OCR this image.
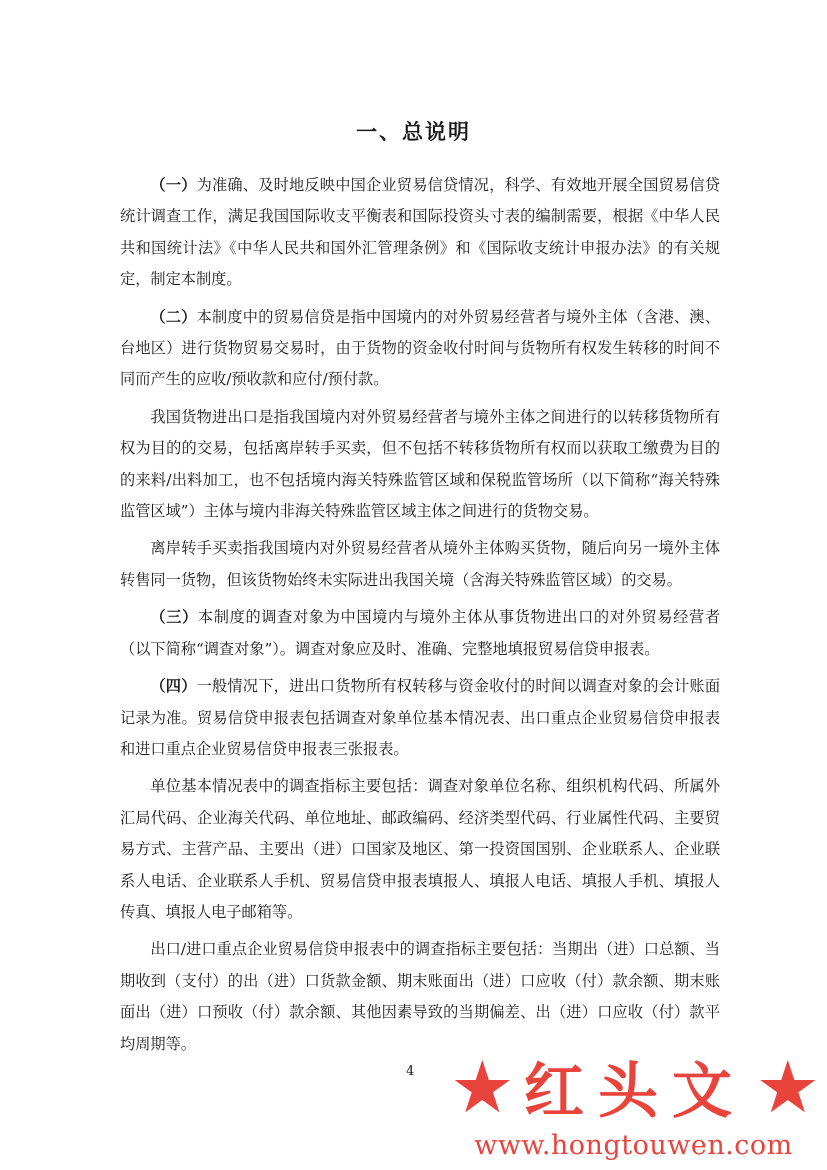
一、总说明

（一）为准确、及时地反映中国企业贸易信贷情况，科学、有效地开展全国贸易信贷统计调查工作，满足我国国际收支平衡表和国际投资头寸表的编制需要，根据《中华人民共和国统计法》《中华人民共和国外汇管理条例》和《国际收支统计申报办法》的有关规定，制定本制度。

（二）本制度中的贸易信贷是指中国境内的对外贸易经营者与境外主体（含港、澳、台地区）进行货物贸易交易时，由于货物的资金收付时间与货物所有权发生转移的时间不同而产生的应收/预收款和应付/预付款。

我国货物进出口是指我国境内对外贸易经营者与境外主体之间进行的以转移货物所有权为目的的交易，包括离岸转手买卖，但不包括不转移货物所有权而以获取工缴费为目的的来料/出料加工，也不包括境内海关特殊监管区域和保税监管场所（以下简称“海关特殊监管区域”）主体与境内非海关特殊监管区域主体之间进行的货物交易。

离岸转手买卖指我国境内对外贸易经营者从境外主体购买货物，随后向另一境外主体转售同一货物，但该货物始终未实际进出我国关境（含海关特殊监管区域）的交易。

（三）本制度的调查对象为中国境内与境外主体从事货物进出口的对外贸易经营者（以下简称“调查对象”）。调查对象应及时、准确、完整地填报贸易信贷申报表。

（四）一般情况下，进出口货物所有权转移与资金收付的时间以调查对象的会计账面记录为准。贸易信贷申报表包括调查对象单位基本情况表、出口重点企业贸易信贷申报表和进口重点企业贸易信贷申报表三张报表。

单位基本情况表中的调查指标主要包括：调查对象单位名称、组织机构代码、所属外汇局代码、企业海关代码、单位地址、邮政编码、经济类型代码、行业属性代码、主要贸易方式、主营产品、主要出（进）口国家及地区、第一投资国国别、企业联系人、企业联系人电话、企业联系人手机、贸易信贷申报表填报人、填报人电话、填报人手机、填报人传真、填报人电子邮箱等。

出口/进口重点企业贸易信贷申报表中的调查指标主要包括：当期出（进）口总额、当期收到（支付）的出（进）口货款金额、期末账面出（进）口应收（付）款余额、期末账面出（进）口预收（付）款余额、其他因素导致的当期偏差、出（进）口应收（付）款平均周期等。

4 ★ 红头文 ★
www.hongtouwen.com
